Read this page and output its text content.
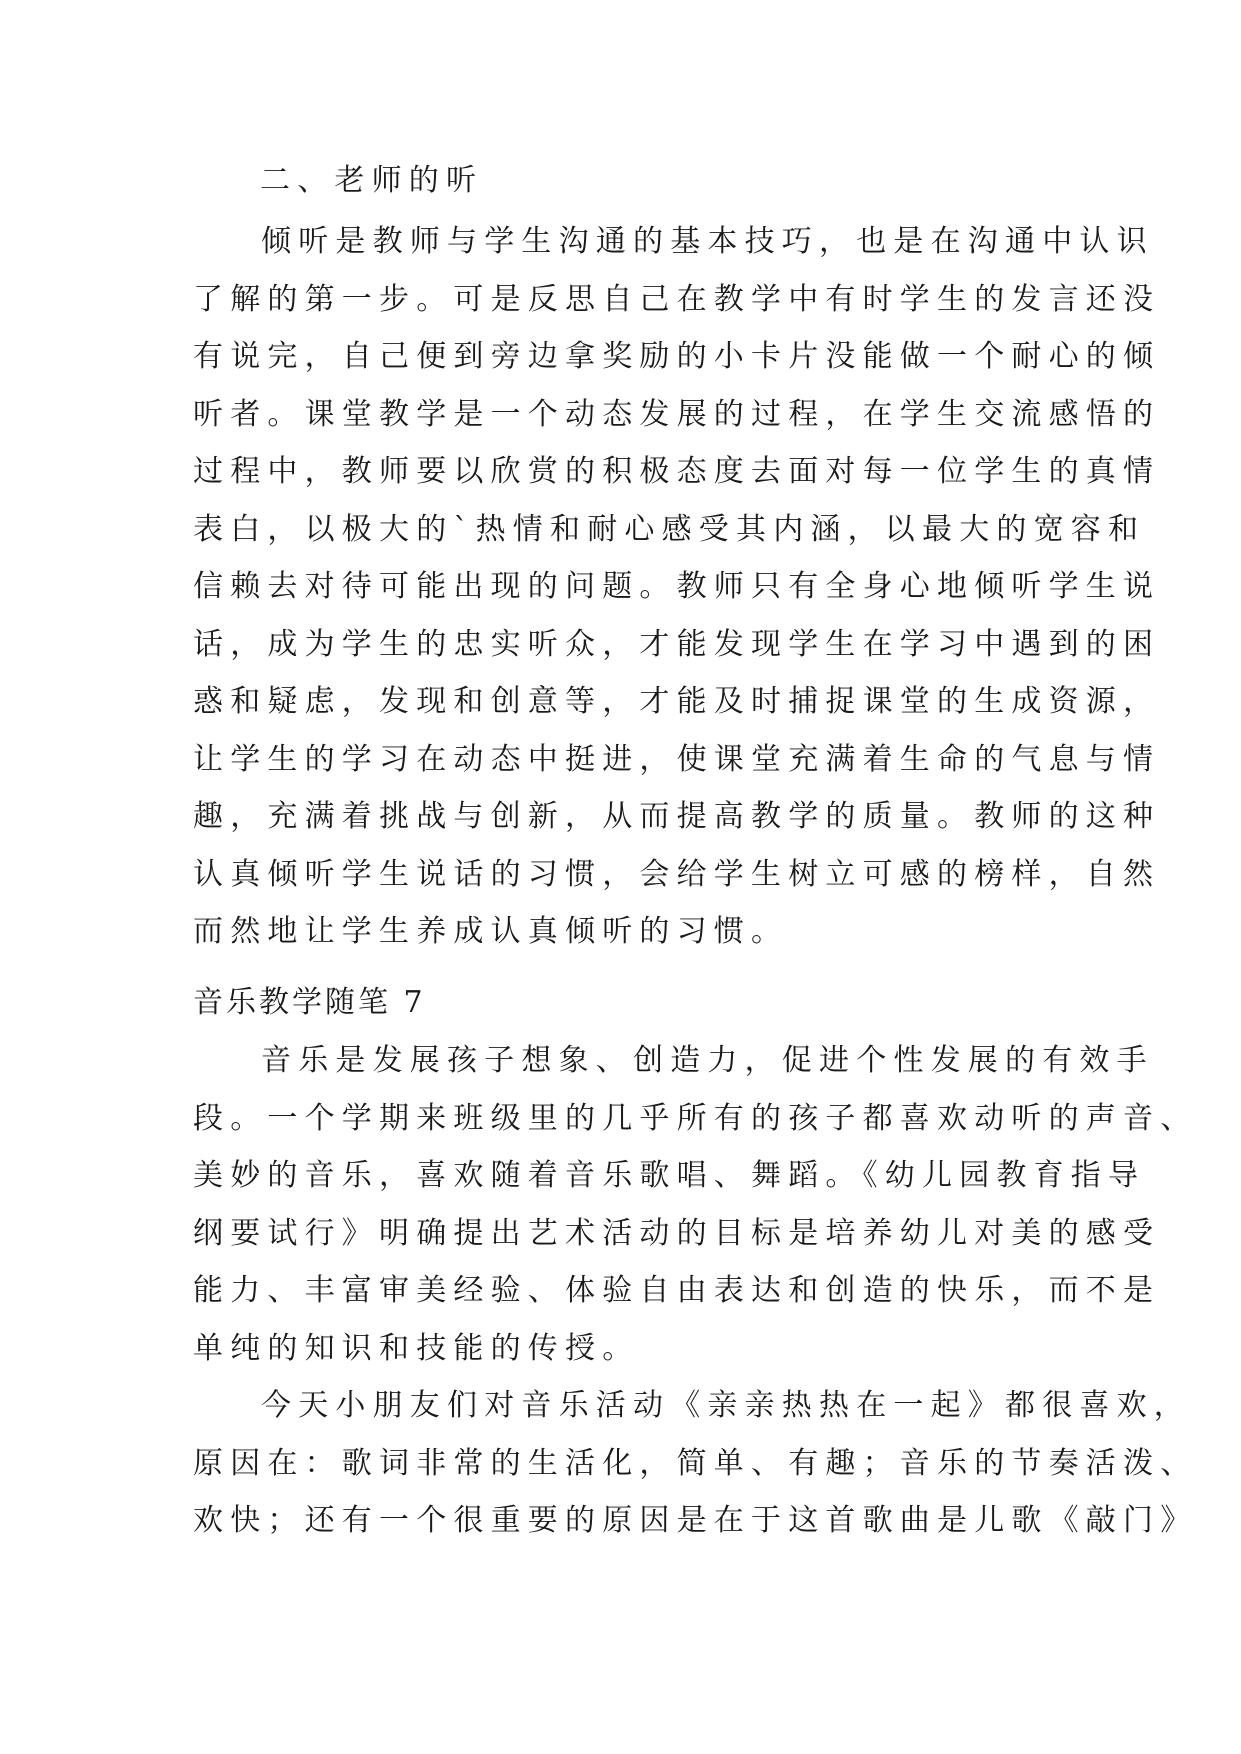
二、老师的听
倾听是教师与学生沟通的基本技巧，也是在沟通中认识
了解的第一步。可是反思自己在教学中有时学生的发言还没
有说完，自己便到旁边拿奖励的小卡片没能做一个耐心的倾
听者。课堂教学是一个动态发展的过程，在学生交流感悟的
过程中，教师要以欣赏的积极态度去面对每一位学生的真情
表白，以极大的`热情和耐心感受其内涵，以最大的宽容和
信赖去对待可能出现的问题。教师只有全身心地倾听学生说
话，成为学生的忠实听众，才能发现学生在学习中遇到的困
惑和疑虑，发现和创意等，才能及时捕捉课堂的生成资源，
让学生的学习在动态中挺进，使课堂充满着生命的气息与情
趣，充满着挑战与创新，从而提高教学的质量。教师的这种
认真倾听学生说话的习惯，会给学生树立可感的榜样，自然
而然地让学生养成认真倾听的习惯。
音乐教学随笔 7
音乐是发展孩子想象、创造力，促进个性发展的有效手
段。一个学期来班级里的几乎所有的孩子都喜欢动听的声音、
美妙的音乐，喜欢随着音乐歌唱、舞蹈。《幼儿园教育指导
纲要试行》明确提出艺术活动的目标是培养幼儿对美的感受
能力、丰富审美经验、体验自由表达和创造的快乐，而不是
单纯的知识和技能的传授。
今天小朋友们对音乐活动《亲亲热热在一起》都很喜欢，
原因在：歌词非常的生活化，简单、有趣；音乐的节奏活泼、
欢快；还有一个很重要的原因是在于这首歌曲是儿歌《敲门》
